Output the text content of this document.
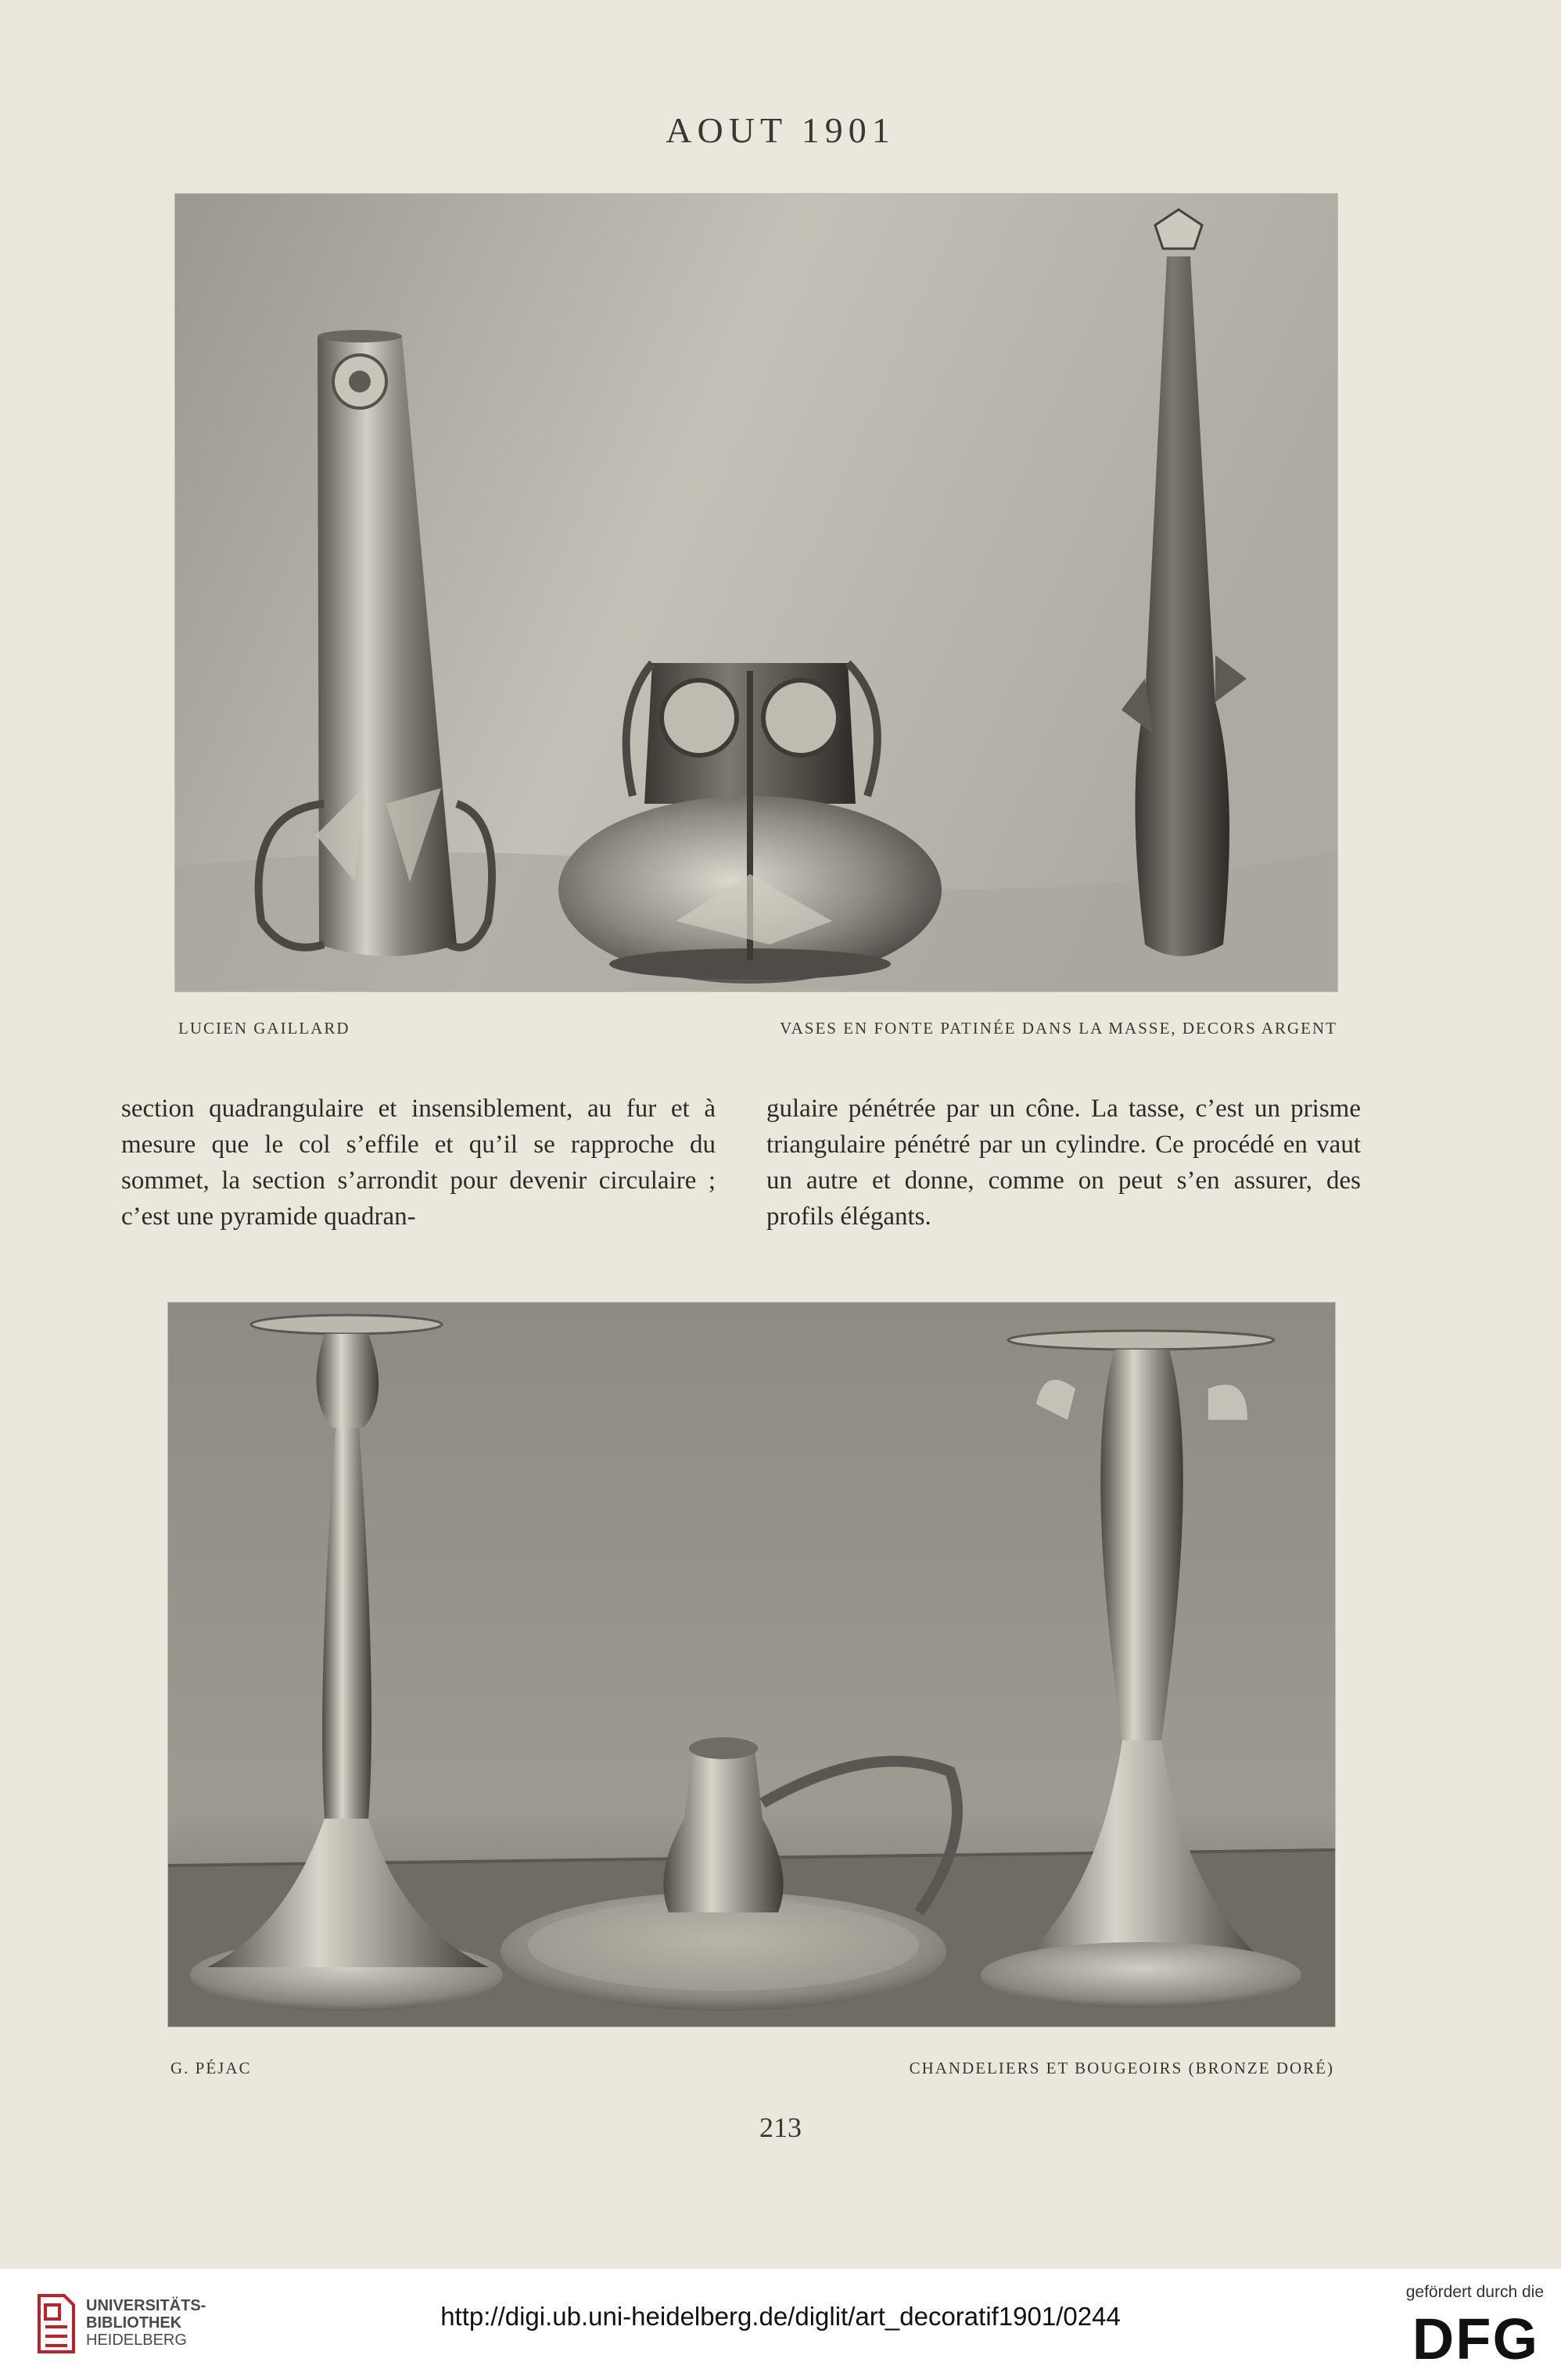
AOUT 1901
LUCIEN GAILLARD	VASES EN FONTE PATINÉE DANS LA MASSE, DECORS ARGENT
section quadrangulaire et insensiblement, au fur et à mesure que le col s’effile et qu’il se rapproche du sommet, la section s’arrondit pour devenir circulaire ; c’est une pyramide quadran-
gulaire pénétrée par un cône. La tasse, c’est un prisme triangulaire pénétré par un cylindre. Ce procédé en vaut un autre et donne, comme on peut s’en assurer, des profils élégants.
G. PÉJAC	CHANDELIERS ET BOUGEOIRS (BRONZE DORÉ)
213
UNIVERSITÄTS-
BIBLIOTHEK
HEIDELBERG
http://digi.ub.uni-heidelberg.de/diglit/art_decoratif1901/0244
gefördert durch die
DFG
